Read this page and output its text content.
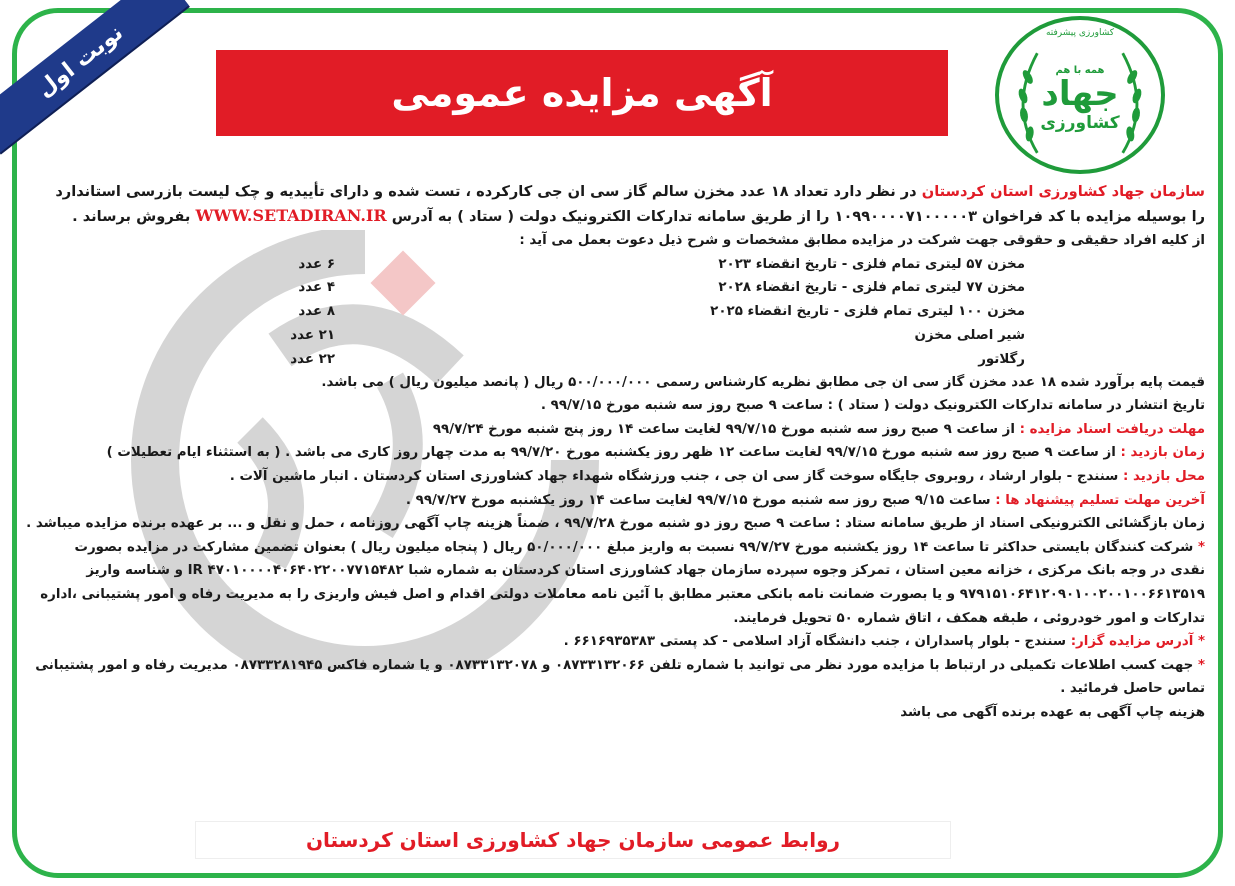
نوبت اول	آگهی مزایده عمومی
کشاورزی پیشرفته
همه با هم
جهاد
کشاورزی

سازمان جهاد کشاورزی استان کردستان در نظر دارد تعداد ۱۸ عدد مخزن سالم گاز سی ان جی کارکرده ، تست شده و دارای تأییدیه و چک لیست بازرسی استاندارد

را بوسیله مزایده با کد فراخوان ۱۰۹۹۰۰۰۰۷۱۰۰۰۰۰۳ را از طریق سامانه تدارکات الکترونیک دولت ( ستاد ) به آدرس WWW.SETADIRAN.IR بفروش برساند .

از کلیه افراد حقیقی و حقوقی جهت شرکت در مزایده مطابق مشخصات و شرح ذیل دعوت بعمل می آید :

مخزن ۵۷ لیتری تمام فلزی - تاریخ انقضاء ۲۰۲۳
۶ عدد
مخزن ۷۷ لیتری تمام فلزی - تاریخ انقضاء ۲۰۲۸
۴ عدد
مخزن ۱۰۰ لیتری تمام فلزی - تاریخ انقضاء ۲۰۲۵
۸ عدد
شیر اصلی مخزن
۲۱ عدد
رگلاتور
۲۲ عدد

قیمت پایه برآورد شده ۱۸ عدد مخزن گاز سی ان جی مطابق نظریه کارشناس رسمی ۵۰۰/۰۰۰/۰۰۰ ریال ( پانصد میلیون ریال ) می باشد.

تاریخ انتشار در سامانه تدارکات الکترونیک دولت ( ستاد ) : ساعت ۹ صبح روز سه شنبه مورخ ۹۹/۷/۱۵ .

مهلت دریافت اسناد مزایده : از ساعت ۹ صبح روز سه شنبه مورخ ۹۹/۷/۱۵ لغایت ساعت ۱۴ روز پنج شنبه مورخ ۹۹/۷/۲۴

زمان بازدید : از ساعت ۹ صبح روز سه شنبه مورخ ۹۹/۷/۱۵ لغایت ساعت ۱۲ ظهر روز یکشنبه مورخ ۹۹/۷/۲۰ به مدت چهار روز کاری می باشد . ( به استثناء ایام تعطیلات )

محل بازدید : سنندج - بلوار ارشاد ، روبروی جایگاه سوخت گاز سی ان جی ، جنب ورزشگاه شهداء جهاد کشاورزی استان کردستان . انبار ماشین آلات .

آخرین مهلت تسلیم پیشنهاد ها : ساعت ۹/۱۵ صبح روز سه شنبه مورخ ۹۹/۷/۱۵ لغایت ساعت ۱۴ روز یکشنبه مورخ ۹۹/۷/۲۷ .

زمان بازگشائی الکترونیکی اسناد از طریق سامانه ستاد : ساعت ۹ صبح روز دو شنبه مورخ ۹۹/۷/۲۸ ، ضمناً هزینه چاپ آگهی روزنامه ، حمل و نقل و ... بر عهده برنده مزایده میباشد .

* شرکت کنندگان بایستی حداکثر تا ساعت ۱۴ روز یکشنبه مورخ ۹۹/۷/۲۷ نسبت به واریز مبلغ ۵۰/۰۰۰/۰۰۰ ریال ( پنجاه میلیون ریال ) بعنوان تضمین مشارکت در مزایده بصورت

نقدی در وجه بانک مرکزی ، خزانه معین استان ، تمرکز وجوه سپرده سازمان جهاد کشاورزی استان کردستان به شماره شبا IR ۴۷۰۱۰۰۰۰۴۰۶۴۰۲۲۰۰۷۷۱۵۴۸۲ و شناسه واریز

۹۷۹۱۵۱۰۶۴۱۲۰۹۰۱۰۰۲۰۰۱۰۰۶۶۱۳۵۱۹ و یا بصورت ضمانت نامه بانکی معتبر مطابق با آئین نامه معاملات دولتی اقدام و اصل فیش واریزی را به مدیریت رفاه و امور پشتیبانی ،اداره

تدارکات و امور خودروئی ، طبقه همکف ، اتاق شماره ۵۰ تحویل فرمایند.

* آدرس مزایده گزار: سنندج - بلوار پاسداران ، جنب دانشگاه آزاد اسلامی - کد پستی ۶۶۱۶۹۳۵۳۸۳ .

* جهت کسب اطلاعات تکمیلی در ارتباط با مزایده مورد نظر می توانید با شماره تلفن ۰۸۷۳۳۱۳۲۰۶۶ و ۰۸۷۳۳۱۳۲۰۷۸ و یا شماره فاکس ۰۸۷۳۳۲۸۱۹۴۵ مدیریت رفاه و امور پشتیبانی

تماس حاصل فرمائید .

هزینه چاپ آگهی به عهده برنده آگهی می باشد

روابط عمومی سازمان جهاد کشاورزی استان کردستان
